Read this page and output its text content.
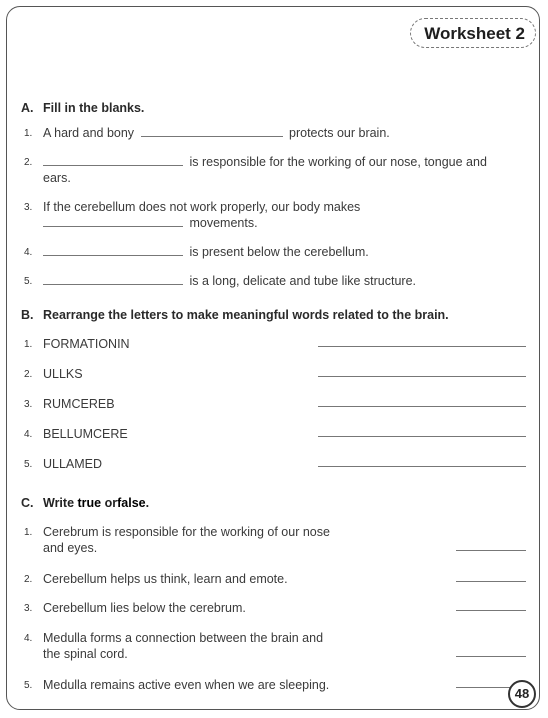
Worksheet 2
A. Fill in the blanks.
1. A hard and bony	protects our brain.
2.	is responsible for the working of our nose, tongue and
ears.
3. If the cerebellum does not work properly, our body makes
movements.
4.	is present below the cerebellum.
5.	is a long, delicate and tube like structure.
B. Rearrange the letters to make meaningful words related to the brain.
1. FORMATIONIN
2. ULLKS
3. RUMCEREB
4. BELLUMCERE
5. ULLAMED
C. Write true orfalse.
1. Cerebrum is responsible for the working of our nose
and eyes.
2. Cerebellum helps us think, learn and emote.
3. Cerebellum lies below the cerebrum.
4. Medulla forms a connection between the brain and
the spinal cord.
5. Medulla remains active even when we are sleeping.
48
